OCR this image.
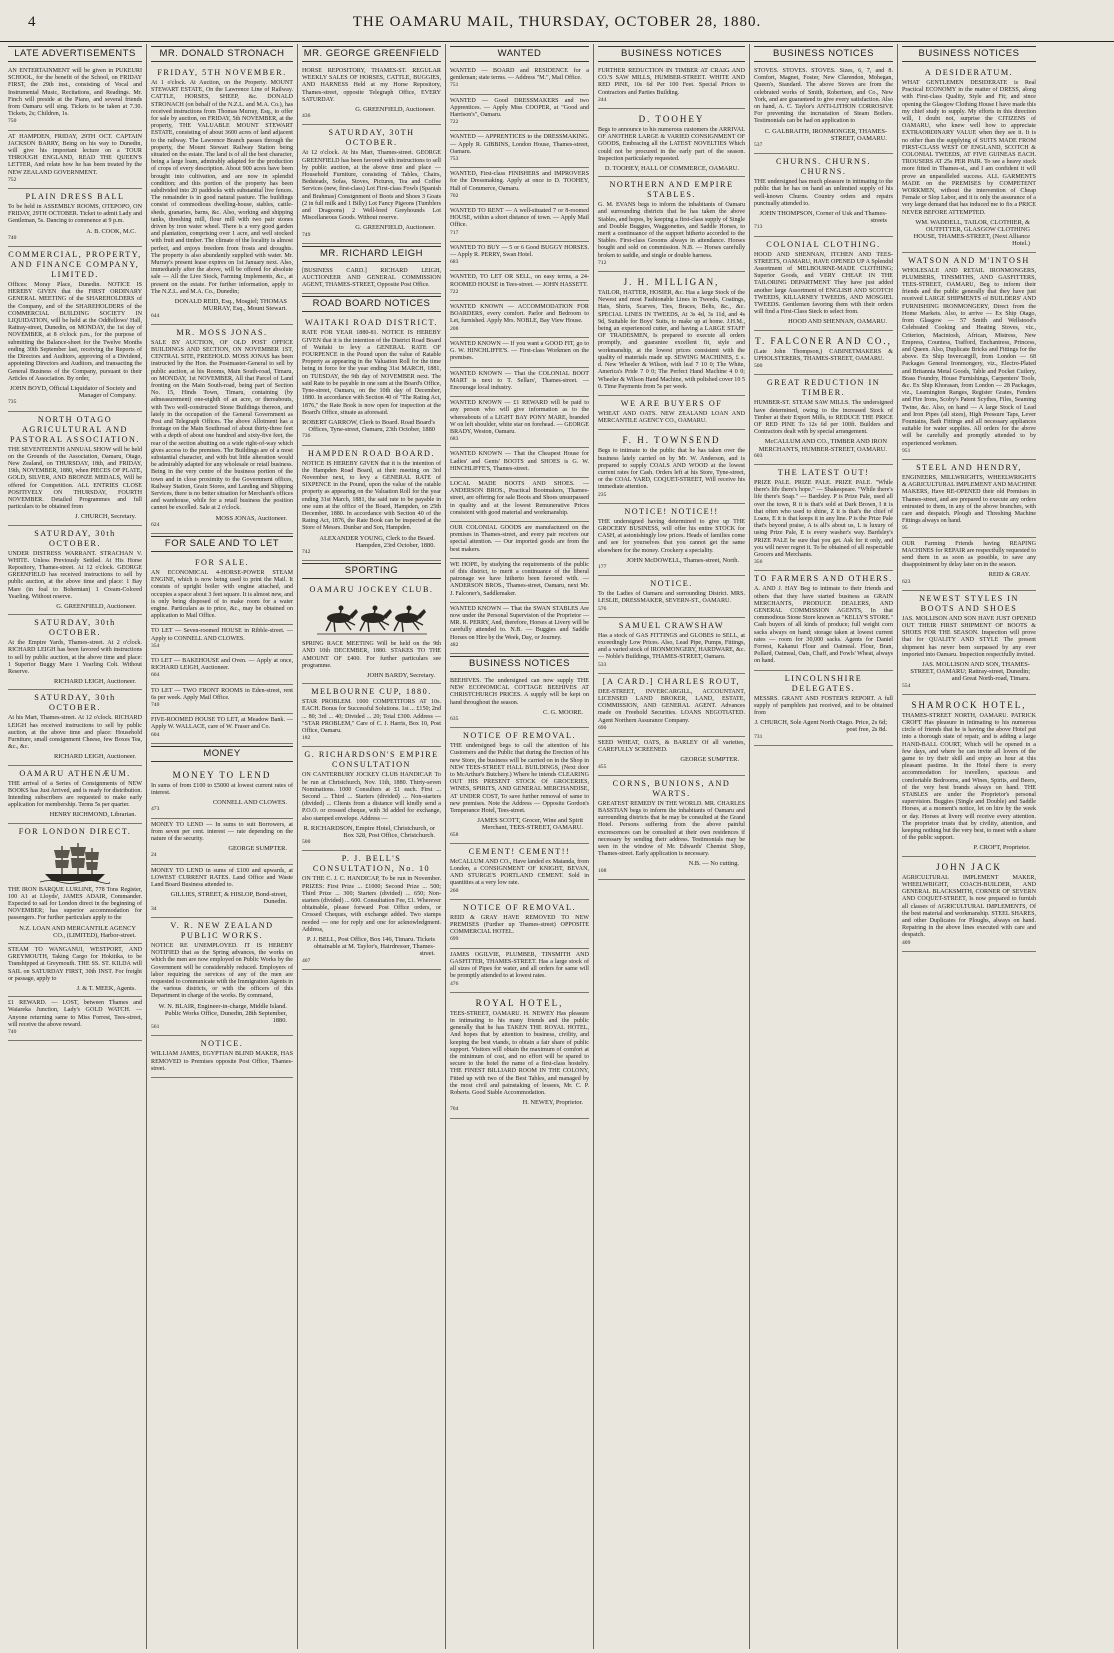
4	THE OAMARU MAIL, THURSDAY, OCTOBER 28, 1880.
LATE ADVERTISEMENTS
AN ENTERTAINMENT will be given in PUKEURI SCHOOL, for the benefit of the School, on FRIDAY FIRST, the 29th inst., consisting of Vocal and Instrumental Music, Recitations, and Readings. Mr. Finch will preside at the Piano, and several friends from Oamaru will sing. Tickets to be taken at 7.30. Tickets, 2s; Children, 1s.
750
AT HAMPDEN, FRIDAY, 29TH OCT. CAPTAIN JACKSON BARRY, Being on his way to Dunedin, will give his important lecture on a TOUR THROUGH ENGLAND, READ THE QUEEN'S LETTER, And relate how he has been treated by the NEW ZEALAND GOVERNMENT.
752
PLAIN DRESS BALL
To be held in ASSEMBLY ROOMS, OTEPOPO, ON FRIDAY, 29TH OCTOBER. Ticket to admit Lady and Gentleman, 5s. Dancing to commence at 9 p.m.
A. B. COOK, M.C.
740
COMMERCIAL, PROPERTY, AND FINANCE COMPANY, LIMITED.
Offices: Moray Place, Dunedin. NOTICE IS HEREBY GIVEN that the FIRST ORDINARY GENERAL MEETING of the SHAREHOLDERS of the Company, and of the SHAREHOLDERS of the COMMERCIAL BUILDING SOCIETY IN LIQUIDATION, will be held at the Oddfellows' Hall, Rattray-street, Dunedin, on MONDAY, the 1st day of NOVEMBER, at 8 o'clock p.m., for the purpose of submitting the Balance-sheet for the Twelve Months ending 30th September last, receiving the Reports of the Directors and Auditors, approving of a Dividend, appointing Directors and Auditors, and transacting the General Business of the Company, pursuant to their Articles of Association. By order,
JOHN BOYD, Official Liquidator of Society and Manager of Company.
735
NORTH OTAGO AGRICULTURAL AND PASTORAL ASSOCIATION.
THE SEVENTEENTH ANNUAL SHOW will be held on the Grounds of the Association, Oamaru, Otago, New Zealand, on THURSDAY, 18th, and FRIDAY, 19th, NOVEMBER, 1880, when PIECES OF PLATE, GOLD, SILVER, AND BRONZE MEDALS, Will be offered for Competition. ALL ENTRIES CLOSE POSITIVELY ON THURSDAY, FOURTH NOVEMBER. Detailed Programmes and full particulars to be obtained from
J. CHURCH, Secretary.
SATURDAY, 30th OCTOBER.
UNDER DISTRESS WARRANT. STRACHAN V. WHITE. Unless Previously Settled. At His Horse Repository, Thames-street. At 12 o'clock. GEORGE GREENFIELD has received instructions to sell by public auction, at the above time and place: 1 Bay Mare (in foal to Bohemian) 1 Cream-Colored Yearling. Without reserve.
G. GREENFIELD, Auctioneer.
SATURDAY, 30th OCTOBER.
At the Empire Yards, Thames-street. At 2 o'clock. RICHARD LEIGH has been favored with instructions to sell by public auction, at the above time and place: 1 Superior Buggy Mare 1 Yearling Colt. Without Reserve.
RICHARD LEIGH, Auctioneer.
SATURDAY, 30th OCTOBER.
At his Mart, Thames-street. At 12 o'clock. RICHARD LEIGH has received instructions to sell by public auction, at the above time and place: Household Furniture, small consignment Cheese, few Boxes Tea, &c., &c.
RICHARD LEIGH, Auctioneer.
OAMARU ATHENÆUM.
THE arrival of a Series of Consignments of NEW BOOKS has Just Arrived, and is ready for distribution. Intending subscribers are requested to make early application for membership. Terms 5s per quarter.
HENRY RICHMOND, Librarian.
FOR LONDON DIRECT.
THE IRON BARQUE LURLINE, 778 Tons Register, 100 A1 at Lloyds', JAMES ADAIR, Commander. Expected to sail for London direct in the beginning of NOVEMBER; has superior accommodation for passengers. For further particulars apply to the
N.Z. LOAN AND MERCANTILE AGENCY CO., (LIMITED), Harbor-street.
STEAM TO WANGANUI, WESTPORT, AND GREYMOUTH, Taking Cargo for Hokitika, to be Transhipped at Greymouth. THE SS. ST. KILDA will SAIL on SATURDAY FIRST, 30th INST. For freight or passage, apply to
J. & T. MEEK, Agents.
£1 REWARD. — LOST, between Thames and Waiareka Junction, Lady's GOLD WATCH. — Anyone returning same to Miss Forrest, Tees-street, will receive the above reward.
740
MR. DONALD STRONACH
FRIDAY, 5TH NOVEMBER.
At 1 o'clock. At Auction, on the Property. MOUNT STEWART ESTATE, On the Lawrence Line of Railway. CATTLE, HORSES, SHEEP, &c. DONALD STRONACH (on behalf of the N.Z.L. and M.A. Co.), has received instructions from Thomas Murray, Esq., to offer for sale by auction, on FRIDAY, 5th NOVEMBER, at the property, THE VALUABLE MOUNT STEWART ESTATE, consisting of about 3600 acres of land adjacent to the railway. The Lawrence Branch passes through the property, the Mount Stewart Railway Station being situated on the estate. The land is of all the best character, being a large loam, admirably adapted for the production of crops of every description. About 900 acres have been brought into cultivation, and are now in splendid condition; and this portion of the property has been subdivided into 20 paddocks with substantial live fences. The remainder is in good natural pasture. The buildings consist of commodious dwelling-house, stables, cattle-sheds, granaries, barns, &c. Also, working and shipping tanks, threshing mill, flour mill with two pair stones driven by iron water wheel. There is a very good garden and plantation, comprising over 1 acre, and well stocked with fruit and timber. The climate of the locality is almost perfect, and enjoys freedom from frosts and droughts. The property is also abundantly supplied with water. Mr. Murray's present lease expires on 1st January next. Also, immediately after the above, will be offered for absolute sale — All the Live Stock, Farming Implements, &c., at present on the estate. For further information, apply to The N.Z.L. and M.A. Co., Dunedin;
DONALD REID, Esq., Mosgiel; THOMAS MURRAY, Esq., Mount Stewart.
644
MR. MOSS JONAS.
SALE BY AUCTION, OF OLD POST OFFICE BUILDINGS AND SECTION, ON NOVEMBER 1ST, CENTRAL SITE, FREEHOLD. MOSS JONAS has been instructed by the Hon. the Postmaster-General to sell by public auction, at his Rooms, Main South-road, Timaru, on MONDAY, 1st NOVEMBER, All that Parcel of Land fronting on the Main South-road, being part of Section No. 15, Hinds Town, Timaru, containing (by admeasurement) one-eighth of an acre, or thereabouts, with Two well-constructed Stone Buildings thereon, and lately in the occupation of the General Government as Post and Telegraph Offices. The above Allotment has a frontage on the Main Southroad of about thirty-three feet with a depth of about one hundred and sixty-five feet, the rear of the section abutting on a wide right-of-way which gives access to the premises. The Buildings are of a most substantial character, and with but little alteration would be admirably adapted for any wholesale or retail business. Being in the very centre of the business portion of the town and in close proximity to the Government offices, Railway Station, Grain Stores, and Landing and Shipping Services, there is no better situation for Merchant's offices and warehouse, while for a retail business the position cannot be excelled. Sale at 2 o'clock.
MOSS JONAS, Auctioneer.
624
FOR SALE AND TO LET
FOR SALE.
AN ECONOMICAL 4-HORSE-POWER STEAM ENGINE, which is now being used to print the Mail. It consists of upright boiler with engine attached, and occupies a space about 3 feet square. It is almost new, and is only being disposed of to make room for a water engine. Particulars as to price, &c., may be obtained on application to Mail Office.
TO LET — Seven-roomed HOUSE in Ribble-street. — Apply to CONNELL AND CLOWES.
354
TO LET — BAKEHOUSE and Oven. — Apply at once, RICHARD LEIGH, Auctioneer.
664
TO LET — TWO FRONT ROOMS in Eden-street, rent 6s per week. Apply Mail Office.
740
FIVE-ROOMED HOUSE TO LET, at Meadow Bank. — Apply W. WALLACE, care of W. Fraser and Co.
604
MONEY
MONEY TO LEND
In sums of from £100 to £5000 at lowest current rates of interest.
CONNELL AND CLOWES.
473
MONEY TO LEND — In sums to suit Borrowers, at from seven per cent. interest — rate depending on the nature of the security.
GEORGE SUMPTER.
24
MONEY TO LEND in sums of £100 and upwards, at LOWEST CURRENT RATES. Land Office and Waste Land Board Business attended to.
GILLIES, STREET, & HISLOP, Bond-street, Dunedin.
34
V. R. NEW ZEALAND PUBLIC WORKS.
NOTICE RE UNEMPLOYED. IT IS HEREBY NOTIFIED that as the Spring advances, the works on which the men are now employed on Public Works by the Government will be considerably reduced. Employers of labor requiring the services of any of the men are requested to communicate with the Immigration Agents in the various districts, or with the officers of this Department in charge of the works. By command,
W. N. BLAIR, Engineer-in-charge, Middle Island. Public Works Office, Dunedin, 28th September, 1880.
561
NOTICE.
WILLIAM JAMES, EGYPTIAN BLIND MAKER, HAS REMOVED to Premises opposite Post Office, Thames-street.
MR. GEORGE GREENFIELD
HORSE REPOSITORY, THAMES-ST. REGULAR WEEKLY SALES OF HORSES, CATTLE, BUGGIES, AND HARNESS Held at my Horse Repository, Thames-street, opposite Telegraph Office, EVERY SATURDAY.
G. GREENFIELD, Auctioneer.
436
SATURDAY, 30TH OCTOBER.
At 12 o'clock. At his Mart, Thames-street. GEORGE GREENFIELD has been favored with instructions to sell by public auction, at the above time and place — Household Furniture, consisting of Tables, Chairs, Bedsteads, Sofas, Stoves, Pictures, Tea and Coffee Services (new, first-class) Lot First-class Fowls (Spanish and Brahmas) Consignment of Boots and Shoes 3 Goats (2 in full milk and 1 Billy) Lot Fancy Pigeons (Tumblers and Dragoons) 2 Well-bred Greyhounds Lot Miscellaneous Goods. Without reserve.
G. GREENFIELD, Auctioneer.
749
MR. RICHARD LEIGH
[BUSINESS CARD.] RICHARD LEIGH, AUCTIONEER AND GENERAL COMMISSION AGENT, THAMES-STREET, Opposite Post Office.
ROAD BOARD NOTICES
WAITAKI ROAD DISTRICT.
RATE FOR YEAR 1880-81. NOTICE IS HEREBY GIVEN that it is the intention of the District Road Board of Waitaki to levy a GENERAL RATE OF FOURPENCE in the Pound upon the value of Ratable Property as appearing in the Valuation Roll for the time being in force for the year ending 31st MARCH, 1881, on TUESDAY, the 9th day of NOVEMBER next. The said Rate to be payable in one sum at the Board's Office, Tyne-street, Oamaru, on the 10th day of December, 1880. In accordance with Section 40 of "The Rating Act, 1876," the Rate Book is now open for inspection at the Board's Office, situate as aforesaid.
ROBERT GARROW, Clerk to Board. Road Board's Offices, Tyne-street, Oamaru, 23th October, 1880
736
HAMPDEN ROAD BOARD.
NOTICE IS HEREBY GIVEN that it is the intention of the Hampden Road Board, at their meeting on 3rd November next, to levy a GENERAL RATE of SIXPENCE in the Pound, upon the value of the ratable property as appearing on the Valuation Roll for the year ending 31st March, 1881, the said rate to be payable in one sum at the office of the Board, Hampden, on 25th December, 1880. In accordance with Section 40 of the Rating Act, 1876, the Rate Book can be inspected at the Store of Messrs. Dunbar and Son, Hampden.
ALEXANDER YOUNG, Clerk to the Board. Hampden, 23rd October, 1880.
742
SPORTING
OAMARU JOCKEY CLUB.
SPRING RACE MEETING Will be held on the 9th AND 10th DECEMBER, 1880. STAKES TO THE AMOUNT OF £400. For further particulars see programme.
JOHN BARDY, Secretary.
MELBOURNE CUP, 1880.
STAR PROBLEM. 1000 COMPETITORS AT 10s. EACH. Bonus for Successful Solutions. 1st ... £150; 2nd ... 80; 3rd ... 40; Divided ... 20; Total £300. Address — "STAR PROBLEM," Care of C. J. Harris, Box 10, Post Office, Oamaru.
182
G. RICHARDSON'S EMPIRE CONSULTATION
ON CANTERBURY JOCKEY CLUB HANDICAP. To be run at Christchurch, Nov. 11th, 1880. Thirty-seven Nominations. 1000 Consulters at £1 each. First ... Second ... Third ... Starters (divided) ... Non-starters (divided) ... Clients from a distance will kindly send a P.O.O. or crossed cheque, with 3d added for exchange, also stamped envelope. Address —
R. RICHARDSON, Empire Hotel, Christchurch, or Box 328, Post Office, Christchurch.
500
P. J. BELL'S CONSULTATION, No. 10
ON THE C. J. C. HANDICAP, To be run in November. PRIZES: First Prize ... £1000; Second Prize ... 500; Third Prize ... 300; Starters (divided) ... 650; Non-starters (divided) ... 600. Consultation Fee, £1. Wherever obtainable, please forward Post Office orders, or Crossed Cheques, with exchange added. Two stamps needed — one for reply and one for acknowledgment. Address,
P. J. BELL, Post Office, Box 146, Timaru. Tickets obtainable at M. Taylor's, Hairdresser, Thames-street.
407
WANTED
WANTED — BOARD and RESIDENCE for a gentleman; state terms. — Address "M.", Mail Office.
751
WANTED — Good DRESSMAKERS and two Apprentices. — Apply Miss COOPER, at "Good and Harrison's", Oamaru.
722
WANTED — APPRENTICES to the DRESSMAKING. — Apply R. GIBBINS, London House, Thames-street, Oamaru.
753
WANTED, First-class FINISHERS and IMPROVERS for the Dressmaking. Apply at once to D. TOOHEY, Hall of Commerce, Oamaru.
702
WANTED TO RENT — A well-situated 7 or 8-roomed HOUSE, within a short distance of town. — Apply Mail Office.
717
WANTED TO BUY — 5 or 6 Good BUGGY HORSES. — Apply R. PERRY, Swan Hotel.
683
WANTED, TO LET OR SELL, on easy terms, a 24-ROOMED HOUSE in Tees-street. — JOHN HASSETT.
722
WANTED KNOWN — ACCOMMODATION FOR BOARDERS, every comfort. Parlor and Bedroom to Let, furnished. Apply Mrs. NOBLE, Bay View House.
208
WANTED KNOWN — If you want a GOOD FIT, go to G. W. HINCHLIFFE'S. — First-class Workmen on the premises.
WANTED KNOWN — That the COLONIAL BOOT MART is next to T. Sellars', Thames-street. — Encourage local industry.
WANTED KNOWN — £1 REWARD will be paid to any person who will give information as to the whereabouts of a LIGHT BAY PONY MARE, branded W on left shoulder, white star on forehead. — GEORGE BRADY, Weston, Oamaru.
683
WANTED KNOWN — That the Cheapest House for Ladies' and Gents' BOOTS and SHOES is G. W. HINCHLIFFE'S, Thames-street.
LOCAL MADE BOOTS AND SHOES. — ANDERSON BROS., Practical Bootmakers, Thames-street, are offering for sale Boots and Shoes unsurpassed in quality and at the lowest Remunerative Prices consistent with good material and workmanship.
OUR COLONIAL GOODS are manufactured on the premises in Thames-street, and every pair receives our special attention. — Our imported goods are from the best makers.
WE HOPE, by studying the requirements of the public of this district, to merit a continuance of the liberal patronage we have hitherto been favored with. — ANDERSON BROS., Thames-street, Oamaru, next Mr. J. Falconer's, Saddlemaker.
WANTED KNOWN — That the SWAN STABLES Are now under the Personal Supervision of the Proprietor — MR. R. PERRY, And, therefore, Horses at Livery will be carefully attended to. N.B. — Buggies and Saddle Horses on Hire by the Week, Day, or Journey.
482
BUSINESS NOTICES
BEEHIVES. The undersigned can now supply THE NEW ECONOMICAL COTTAGE BEEHIVES AT CHRISTCHURCH PRICES. A supply will be kept on hand throughout the season.
C. G. MOORE.
635
NOTICE OF REMOVAL.
THE undersigned begs to call the attention of his Customers and the Public that during the Erection of his new Store, the business will be carried on in the Shop in NEW TEES-STREET HALL BUILDINGS, (Next door to McArthur's Butchery.) Where he intends CLEARING OUT HIS PRESENT STOCK Of GROCERIES, WINES, SPIRITS, AND GENERAL MERCHANDISE, AT UNDER COST, To save further removal of same to new premises. Note the Address — Opposite Gordon's Temperance Hotel, Tees-street.
JAMES SCOTT, Grocer, Wine and Spirit Merchant, TEES-STREET, OAMARU.
658
CEMENT! CEMENT!!
McCALLUM AND CO., Have landed ex Matanda, from London, a CONSIGNMENT OF KNIGHT, BEVAN, AND STURGE'S PORTLAND CEMENT. Sold in quantities at a very low rate.
260
NOTICE OF REMOVAL.
REID & GRAY HAVE REMOVED TO NEW PREMISES (Further up Thames-street) OPPOSITE COMMERCIAL HOTEL.
699
JAMES OGILVIE, PLUMBER, TINSMITH AND GASFITTER, THAMES-STREET. Has a large stock of all sizes of Pipes for water, and all orders for same will be promptly attended to at lowest rates.
476
ROYAL HOTEL,
TEES-STREET, OAMARU. H. NEWEY Has pleasure in intimating to his many friends and the public generally that he has TAKEN THE ROYAL HOTEL, And hopes that by attention to business, civility, and keeping the best viands, to obtain a fair share of public support. Visitors will obtain the maximum of comfort at the minimum of cost, and no effort will be spared to secure to the hotel the name of a first-class hostelry. THE FINEST BILLIARD ROOM IN THE COLONY, Fitted up with two of the Best Tables, and managed by the most civil and painstaking of lessees, Mr. C. P. Roberts. Good Stable Accommodation.
H. NEWEY, Proprietor.
704
BUSINESS NOTICES
FURTHER REDUCTION IN TIMBER AT CRAIG AND CO.'S SAW MILLS, HUMBER-STREET. WHITE AND RED PINE, 10s 6d Per 100 Feet. Special Prices to Contractors and Parties Building.
244
D. TOOHEY
Begs to announce to his numerous customers the ARRIVAL OF ANOTHER LARGE & VARIED CONSIGNMENT OF GOODS, Embracing all the LATEST NOVELTIES Which could not be procured in the early part of the season. Inspection particularly requested.
D. TOOHEY, HALL OF COMMERCE, OAMARU.
NORTHERN AND EMPIRE STABLES.
G. M. EVANS begs to inform the inhabitants of Oamaru and surrounding districts that he has taken the above Stables, and hopes, by keeping a first-class supply of Single and Double Buggies, Waggonettes, and Saddle Horses, to merit a continuance of the support hitherto accorded to the Stables. First-class Grooms always in attendance. Horses bought and sold on commission. N.B. — Horses carefully broken to saddle, and single or double harness.
712
J. H. MILLIGAN,
TAILOR, HATTER, HOSIER, &c. Has a large Stock of the Newest and most Fashionable Lines in Tweeds, Coatings, Hats, Shirts, Scarves, Ties, Braces, Belts, &c., &c. SPECIAL LINES IN TWEEDS, At 3s 4d, 3s 11d, and 4s 9d, Suitable for Boys' Suits, to make up at home. J.H.M., being an experienced cutter, and having a LARGE STAFF OF TRADESMEN, Is prepared to execute all orders promptly, and guarantee excellent fit, style and workmanship, at the lowest prices consistent with the quality of materials made up. SEWING MACHINES, £ s. d. New Wheeler & Wilson, with leaf 7 10 0; The White, America's Pride 7 0 0; The Perfect Hand Machine 4 0 0; Wheeler & Wilson Hand Machine, with polished cover 10 5 0. Time Payments from 5s per week.
WE ARE BUYERS OF
WHEAT AND OATS. NEW ZEALAND LOAN AND MERCANTILE AGENCY CO., OAMARU.
F. H. TOWNSEND
Begs to intimate to the public that he has taken over the business lately carried on by Mr. W. Anderson, and is prepared to supply COALS AND WOOD at the lowest current rates for Cash. Orders left at his Store, Tyne-street, or the COAL YARD, COQUET-STREET, Will receive his immediate attention.
235
NOTICE! NOTICE!!
THE undersigned having determined to give up THE GROCERY BUSINESS, will offer his entire STOCK for CASH, at astonishingly low prices. Heads of families come and see for yourselves that you cannot get the same elsewhere for the money. Crockery a speciality.
JOHN McDOWELL, Thames-street, North.
177
NOTICE.
To the Ladies of Oamaru and surrounding District. MRS. LESLIE, DRESSMAKER, SEVERN-ST., OAMARU.
576
SAMUEL CRAWSHAW
Has a stock of GAS FITTINGS and GLOBES to SELL, at exceedingly Low Prices. Also, Lead Pipe, Pumps, Fittings, and a varied stock of IRONMONGERY, HARDWARE, &c. — Noble's Buildings, THAMES-STREET, Oamaru.
533
[A CARD.] CHARLES ROUT,
DEE-STREET, INVERCARGILL, ACCOUNTANT, LICENSED LAND BROKER, LAND, ESTATE, COMMISSION, AND GENERAL AGENT. Advances made on Freehold Securities. LOANS NEGOTIATED. Agent Northern Assurance Company.
690
SEED WHEAT, OATS, & BARLEY Of all varieties, CAREFULLY SCREENED.
GEORGE SUMPTER.
455
CORNS, BUNIONS, AND WARTS.
GREATEST REMEDY IN THE WORLD. MR. CHARLES BASSTIAN begs to inform the inhabitants of Oamaru and surrounding districts that he may be consulted at the Grand Hotel. Persons suffering from the above painful excrescences can be consulted at their own residences if necessary by sending their address. Testimonials may be seen in the window of Mr. Edwards' Chemist Shop, Thames-street. Early application is necessary.
N.B. — No cutting.
108
BUSINESS NOTICES
STOVES. STOVES. STOVES. Sizes, 6, 7, and 8. Comfort, Magnet, Foster, New Clarendon, Mohegan, Queen's, Standard. The above Stoves are from the celebrated works of Smith, Robertson, and Co., New York, and are guaranteed to give every satisfaction. Also on hand, A. C. Taylor's ANTI-LITHON CORROSIVE For preventing the incrustation of Steam Boilers. Testimonials can be had on application to
C. GALBRAITH, IRONMONGER, THAMES-STREET, OAMARU.
537
CHURNS. CHURNS. CHURNS.
THE undersigned has much pleasure in intimating to the public that he has on hand an unlimited supply of his well-known Churns. Country orders and repairs punctually attended to.
JOHN THOMPSON, Corner of Usk and Thames-streets
713
COLONIAL CLOTHING.
HOOD AND SHENNAN, ITCHEN AND TEES-STREETS, OAMARU, HAVE OPENED UP A Splendid Assortment of MELBOURNE-MADE CLOTHING; Superior Goods, and VERY CHEAP. IN THE TAILORING DEPARTMENT They have just added another large Assortment of ENGLISH AND SCOTCH TWEEDS, KILLARNEY TWEEDS, AND MOSGIEL TWEEDS. Gentlemen favoring them with their orders will find a First-Class Steck to select from.
HOOD AND SHENNAN, OAMARU.
T. FALCONER AND CO.,
(Late John Thompson,) CABINETMAKERS & UPHOLSTERERS, THAMES-STREET, OAMARU.
500
GREAT REDUCTION IN TIMBER.
HUMBER-ST. STEAM SAW MILLS. The undersigned have determined, owing to the increased Stock of Timber at their Export Mills, to REDUCE THE PRICE OF RED PINE To 12s 6d per 100ft. Builders and Contractors dealt with by special arrangement.
McCALLUM AND CO., TIMBER AND IRON MERCHANTS, HUMBER-STREET, OAMARU.
603
THE LATEST OUT!
PRIZE PALE. PRIZE PALE. PRIZE PALE. "While there's life there's hope." — Shakespeare. "While there's life there's Soap." — Bardsley. P is Prize Pale, used all over the town, R it is that's sold at Dark Brown, I it is that often who used to shine, Z it is that's the chief of Loans, E it is that keeps it in any line. P is the Prize Pale that's beyond praise, A is all's about us, L is luxury of using Prize Pale, E is every washer's way. Bardsley's PRIZE PALE be sure that you get. Ask for it only, and you will never regret it. To be obtained of all respectable Grocers and Merchants.
356
TO FARMERS AND OTHERS.
A. AND J. HAY Beg to intimate to their friends and others that they have started business as GRAIN MERCHANTS, PRODUCE DEALERS, AND GENERAL COMMISSION AGENTS, In that commodious Stone Store known as "KELLY'S STORE." Cash buyers of all kinds of produce; full weight corn sacks always on hand; storage taken at lowest current rates — room for 30,000 sacks. Agents for Daniel Forrest, Kakanui Flour and Oatmeal. Flour, Bran, Pollard, Oatmeal, Oats, Chaff, and Fowls' Wheat, always on hand.
LINCOLNSHIRE DELEGATES.
MESSRS. GRANT AND FOSTER'S REPORT. A full supply of pamphlets just received, and to be obtained from
J. CHURCH, Sole Agent North Otago. Price, 2s 6d; post free, 2s 8d.
731
BUSINESS NOTICES
A DESIDERATUM.
WHAT GENTLEMEN DESIDERATE is Real Practical ECONOMY in the matter of DRESS, along with First-class Quality, Style and Fit; and since opening the Glasgow Clothing House I have made this my chief study to supply. My efforts in this direction will, I doubt not, surprise the CITIZENS of OAMARU, who knew well how to appreciate EXTRAORDINARY VALUE when they see it. It is no other than the supplying of SUITS MADE FROM FIRST-CLASS WEST OF ENGLAND, SCOTCH & COLONIAL TWEEDS, AT FIVE GUINEAS EACH. TROUSERS AT 25s PER PAIR. To see a heavy stock more fitted in Thames-st., and I am confident it will prove an unparalleled success. ALL GARMENTS MADE on the PREMISES by COMPETENT WORKMEN, without the intervention of Cheap Female or Slop Labor, and it is only the assurance of a very large demand that has induced me to fix a PRICE NEVER BEFORE ATTEMPTED.
WM. WADDELL, TAILOR, CLOTHIER, & OUTFITTER, GLASGOW CLOTHING HOUSE, THAMES-STREET, (Next Alliance Hotel.)
WATSON AND M'INTOSH
WHOLESALE AND RETAIL IRONMONGERS, PLUMBERS, TINSMITHS, AND GASFITTERS, TEES-STREET, OAMARU, Beg to inform their friends and the public generally that they have just received LARGE SHIPMENTS of BUILDERS' AND FURNISHING IRONMONGERY, Direct from the Home Markets. Also, to arrive — Ex Ship Otago, from Glasgow — 57 Smith and Wellstood's Celebrated Cooking and Heating Stoves, viz., Criterion, Macintosh, African, Mistress, New Empress, Countess, Trafford, Enchantress, Princess, and Queen. Also, Duplicate Bricks and Fittings for the above. Ex Ship Invercargill, from London — 68 Packages General Ironmongery, viz., Electro-Plated and Britannia Metal Goods, Table and Pocket Cutlery, Brass Foundry, House Furnishings, Carpenters' Tools, &c. Ex Ship Khorasan, from London — 28 Packages, viz., Leamington Ranges, Register Grates, Fenders and Fire Irons, Scoby's Patent Scythes, Files, Seaming Twine, &c. Also, on hand — A large Stock of Lead and Iron Pipes (all sizes), High Pressure Taps, Lever Fountains, Bath Fittings and all necessary appliances suitable for water supplies. All orders for the above will be carefully and promptly attended to by experienced workmen.
951
STEEL AND HENDRY,
ENGINEERS, MILLWRIGHTS, WHEELWRIGHTS & AGRICULTURAL IMPLEMENT AND MACHINE MAKERS, Have RE-OPENED their old Premises in Thames-street, and are prepared to execute any orders entrusted to them, in any of the above branches, with care and despatch. Plough and Threshing Machine Fittings always on hand.
95
OUR Farming Friends having REAPING MACHINES for REPAIR are respectfully requested to send them in as soon as possible, to save any disappointment by delay later on in the season.
REID & GRAY.
623
NEWEST STYLES IN BOOTS AND SHOES
JAS. MOLLISON AND SON HAVE JUST OPENED OUT THEIR FIRST SHIPMENT OF BOOTS & SHOES FOR THE SEASON. Inspection will prove that for QUALITY AND STYLE The present shipment has never been surpassed by any ever imported into Oamaru. Inspection respectfully invited.
JAS. MOLLISON AND SON, THAMES-STREET, OAMARU; Rattray-street, Dunedin; and Great North-road, Timaru.
554
SHAMROCK HOTEL,
THAMES-STREET NORTH, OAMARU. PATRICK CROFT Has pleasure in intimating to his numerous circle of friends that he is having the above Hotel put into a thorough state of repair, and is adding a large HAND-BALL COURT, Which will be opened in a few days, and where he can invite all lovers of the game to try their skill and enjoy an hour at this pleasant pastime. In the Hotel there is every accommodation for travellers, spacious and comfortable Bedrooms, and Wines, Spirits, and Beers, of the very best brands always on hand. THE STABLES are under the Proprietor's personal supervision. Buggies (Single and Double) and Saddle Horses, at a moment's notice, let on hire by the week or day. Horses at livery will receive every attention. The proprietor trusts that by civility, attention, and keeping nothing but the very best, to meet with a share of the public support.
P. CROFT, Proprietor.
JOHN JACK
AGRICULTURAL IMPLEMENT MAKER, WHEELWRIGHT, COACH-BUILDER, AND GENERAL BLACKSMITH, CORNER OF SEVERN AND COQUET-STREET, Is now prepared to furnish all classes of AGRICULTURAL IMPLEMENTS, Of the best material and workmanship. STEEL SHARES, and other Duplicates for Ploughs, always on hand. Repairing in the above lines executed with care and despatch.
409
